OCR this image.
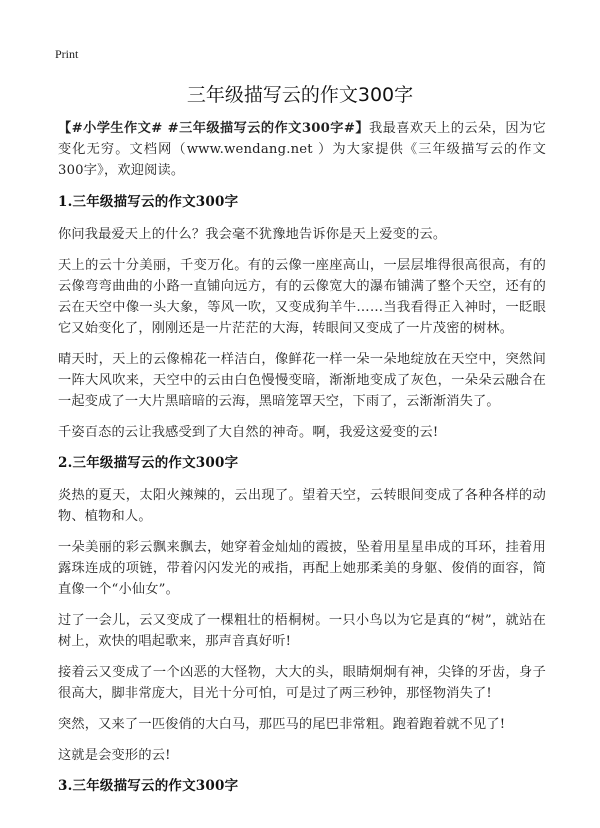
Print
三年级描写云的作文300字

【#小学生作文# #三年级描写云的作文300字#】我最喜欢天上的云朵，因为它变化无穷。文档网（www.wendang.net ）为大家提供《三年级描写云的作文300字》，欢迎阅读。

1.三年级描写云的作文300字

你问我最爱天上的什么？我会毫不犹豫地告诉你是天上爱变的云。

天上的云十分美丽，千变万化。有的云像一座座高山，一层层堆得很高很高，有的云像弯弯曲曲的小路一直铺向远方，有的云像宽大的瀑布铺满了整个天空，还有的云在天空中像一头大象，等风一吹，又变成狗羊牛……当我看得正入神时，一眨眼它又始变化了，刚刚还是一片茫茫的大海，转眼间又变成了一片茂密的树林。

晴天时，天上的云像棉花一样洁白，像鲜花一样一朵一朵地绽放在天空中，突然间一阵大风吹来，天空中的云由白色慢慢变暗，渐渐地变成了灰色，一朵朵云融合在一起变成了一大片黑暗暗的云海，黑暗笼罩天空，下雨了，云渐渐消失了。

千姿百态的云让我感受到了大自然的神奇。啊，我爱这爱变的云!

2.三年级描写云的作文300字

炎热的夏天，太阳火辣辣的，云出现了。望着天空，云转眼间变成了各种各样的动物、植物和人。

一朵美丽的彩云飘来飘去，她穿着金灿灿的霞披，坠着用星星串成的耳环，挂着用露珠连成的项链，带着闪闪发光的戒指，再配上她那柔美的身躯、俊俏的面容，简直像一个“小仙女”。

过了一会儿，云又变成了一棵粗壮的梧桐树。一只小鸟以为它是真的“树”，就站在树上，欢快的唱起歌来，那声音真好听!

接着云又变成了一个凶恶的大怪物，大大的头，眼睛炯炯有神，尖锋的牙齿，身子很高大，脚非常庞大，目光十分可怕，可是过了两三秒钟，那怪物消失了!

突然，又来了一匹俊俏的大白马，那匹马的尾巴非常粗。跑着跑着就不见了!

这就是会变形的云!

3.三年级描写云的作文300字
